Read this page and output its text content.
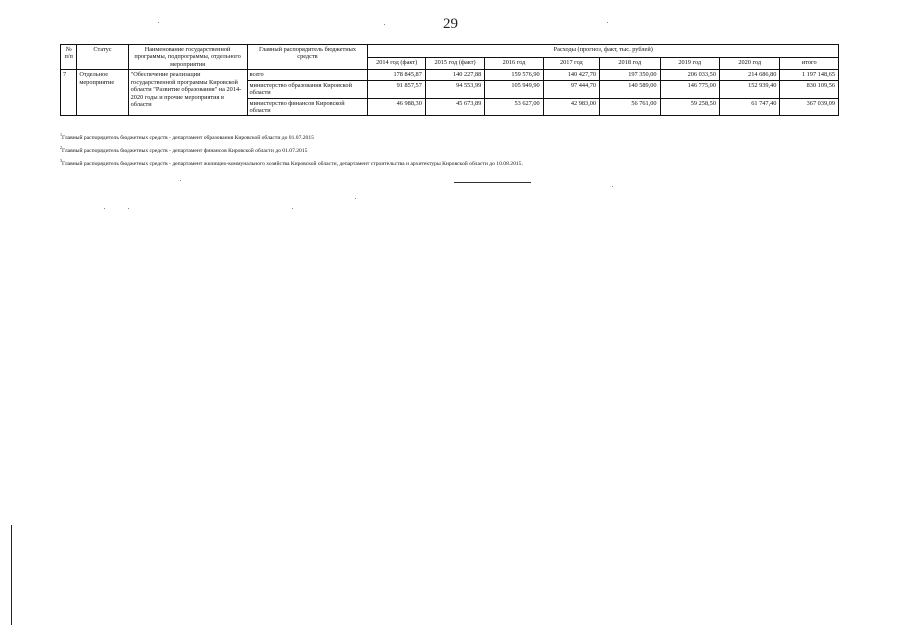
29
№ п/п	Статус	Наименование государственной программы, подпрограммы, отдельного мероприятия	Главный распорядитель бюджетных средств	Расходы (прогноз, факт, тыс. рублей)							
				2014 год (факт)	2015 год (факт)	2016 год	2017 год	2018 год	2019 год	2020 год	итого
7	Отдельное мероприятие	"Обеспечение реализации государственной программы Кировской области "Развитие образования" на 2014-2020 годы и прочие мероприятия в области	всего	178 845,87	140 227,88	159 576,90	140 427,70	197 350,00	206 033,50	214 686,80	1 197 148,65
			министерство образования Кировской области	91 857,57	94 553,99	105 949,90	97 444,70	140 589,00	146 775,00	152 939,40	830 109,56
			министерство финансов Кировской области	46 988,30	45 673,89	53 627,00	42 983,00	56 761,00	59 258,50	61 747,40	367 039,09
$^1$Главный распорядитель бюджетных средств - департамент образования Кировской области до 01.07.2015
$^2$Главный распорядитель бюджетных средств - департамент финансов Кировской области до 01.07.2015
$^3$Главный распорядитель бюджетных средств - департамент жилищно-коммунального хозяйства Кировской области, департамент строительства и архитектуры Кировской области до 10.08.2015.
